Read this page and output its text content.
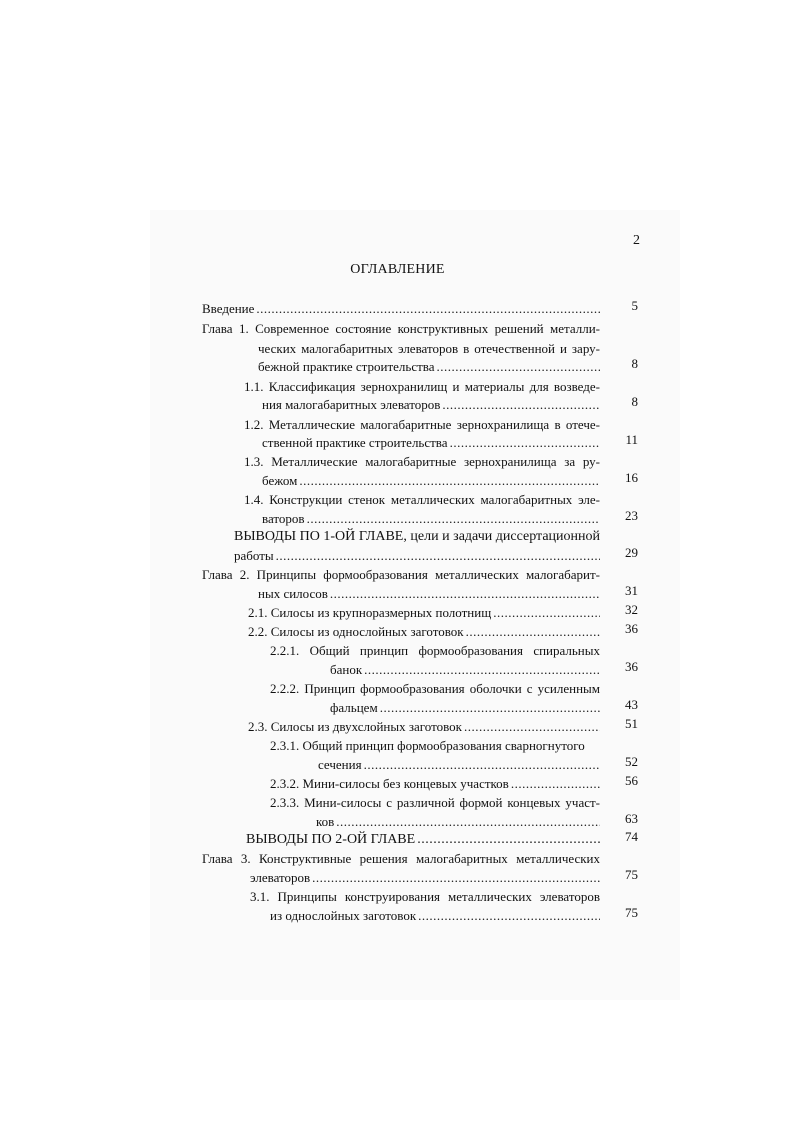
2
ОГЛАВЛЕНИЕ
Введение .....	5
Глава 1. Современное состояние конструктивных решений металли-
ческих малогабаритных элеваторов в отечественной и зару-
бежной практике строительства .....	8
1.1. Классификация зернохранилищ и материалы для возведе-
ния малогабаритных элеваторов .....	8
1.2. Металлические малогабаритные зернохранилища в отече-
ственной практике строительства .....	11
1.3. Металлические малогабаритные зернохранилища за ру-
бежом .....	16
1.4. Конструкции стенок металлических малогабаритных эле-
ваторов .....	23
ВЫВОДЫ ПО 1-ОЙ ГЛАВЕ, цели и задачи диссертационной
работы .....	29
Глава 2. Принципы формообразования металлических малогабарит-
ных силосов .....	31
2.1. Силосы из крупноразмерных полотнищ .....	32
2.2. Силосы из однослойных заготовок .....	36
2.2.1. Общий принцип формообразования спиральных
банок .....	36
2.2.2. Принцип формообразования оболочки с усиленным
фальцем .....	43
2.3. Силосы из двухслойных заготовок .....	51
2.3.1. Общий принцип формообразования сварногнутого
сечения .....	52
2.3.2. Мини-силосы без концевых участков .....	56
2.3.3. Мини-силосы с различной формой концевых участ-
ков .....	63
ВЫВОДЫ ПО 2-ОЙ ГЛАВЕ .....	74
Глава 3. Конструктивные решения малогабаритных металлических
элеваторов .....	75
3.1. Принципы конструирования металлических элеваторов
из однослойных заготовок .....	75
